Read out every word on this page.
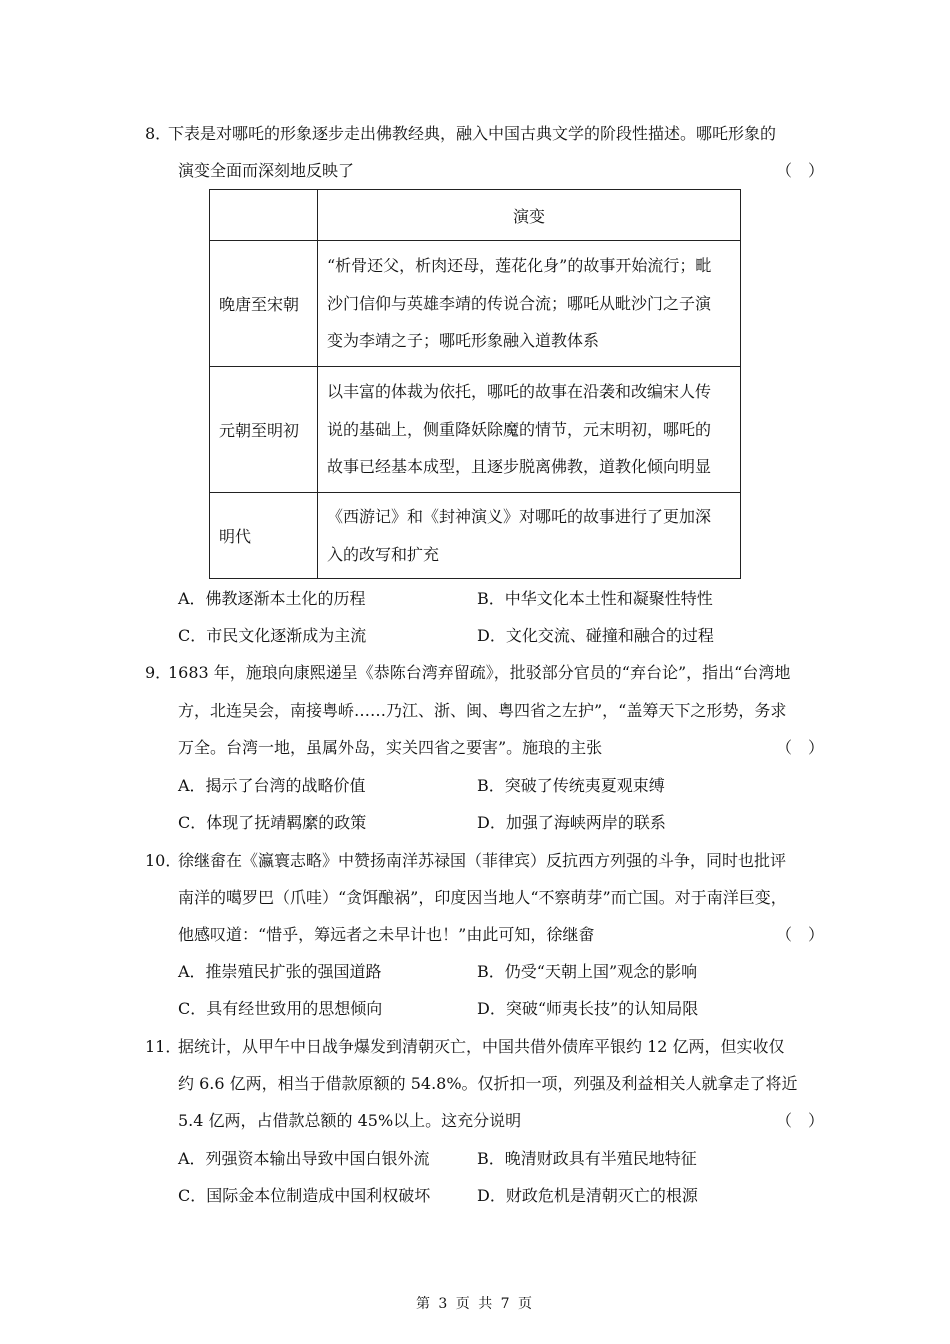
8．
下表是对哪吒的形象逐步走出佛教经典，融入中国古典文学的阶段性描述。哪吒形象的
演变全面而深刻地反映了	（　）
	演变
晚唐至宋朝	“析骨还父，析肉还母，莲花化身”的故事开始流行；毗
沙门信仰与英雄李靖的传说合流；哪吒从毗沙门之子演
变为李靖之子；哪吒形象融入道教体系

元朝至明初	以丰富的体裁为依托，哪吒的故事在沿袭和改编宋人传
说的基础上，侧重降妖除魔的情节，元末明初，哪吒的
故事已经基本成型，且逐步脱离佛教，道教化倾向明显

明代	《西游记》和《封神演义》对哪吒的故事进行了更加深
入的改写和扩充
A．佛教逐渐本土化的历程	B．中华文化本土性和凝聚性特性
C．市民文化逐渐成为主流	D．文化交流、碰撞和融合的过程
9．
1683 年，施琅向康熙递呈《恭陈台湾弃留疏》，批驳部分官员的“弃台论”，指出“台湾地
方，北连吴会，南接粤峤……乃江、浙、闽、粤四省之左护”，“盖筹天下之形势，务求
万全。台湾一地，虽属外岛，实关四省之要害”。施琅的主张	（　）
A．揭示了台湾的战略价值	B．突破了传统夷夏观束缚
C．体现了抚靖羁縻的政策	D．加强了海峡两岸的联系
10．
徐继畲在《瀛寰志略》中赞扬南洋苏禄国（菲律宾）反抗西方列强的斗争，同时也批评
南洋的噶罗巴（爪哇）“贪饵酿祸”，印度因当地人“不察萌芽”而亡国。对于南洋巨变，
他感叹道：“惜乎，筹远者之未早计也！”由此可知，徐继畲	（　）
A．推崇殖民扩张的强国道路	B．仍受“天朝上国”观念的影响
C．具有经世致用的思想倾向	D．突破“师夷长技”的认知局限
11．
据统计，从甲午中日战争爆发到清朝灭亡，中国共借外债库平银约 12 亿两，但实收仅
约 6.6 亿两，相当于借款原额的 54.8%。仅折扣一项，列强及利益相关人就拿走了将近
5.4 亿两，占借款总额的 45%以上。这充分说明	（　）
A．列强资本输出导致中国白银外流	B．晚清财政具有半殖民地特征
C．国际金本位制造成中国利权破坏	D．财政危机是清朝灭亡的根源
第 3 页 共 7 页
